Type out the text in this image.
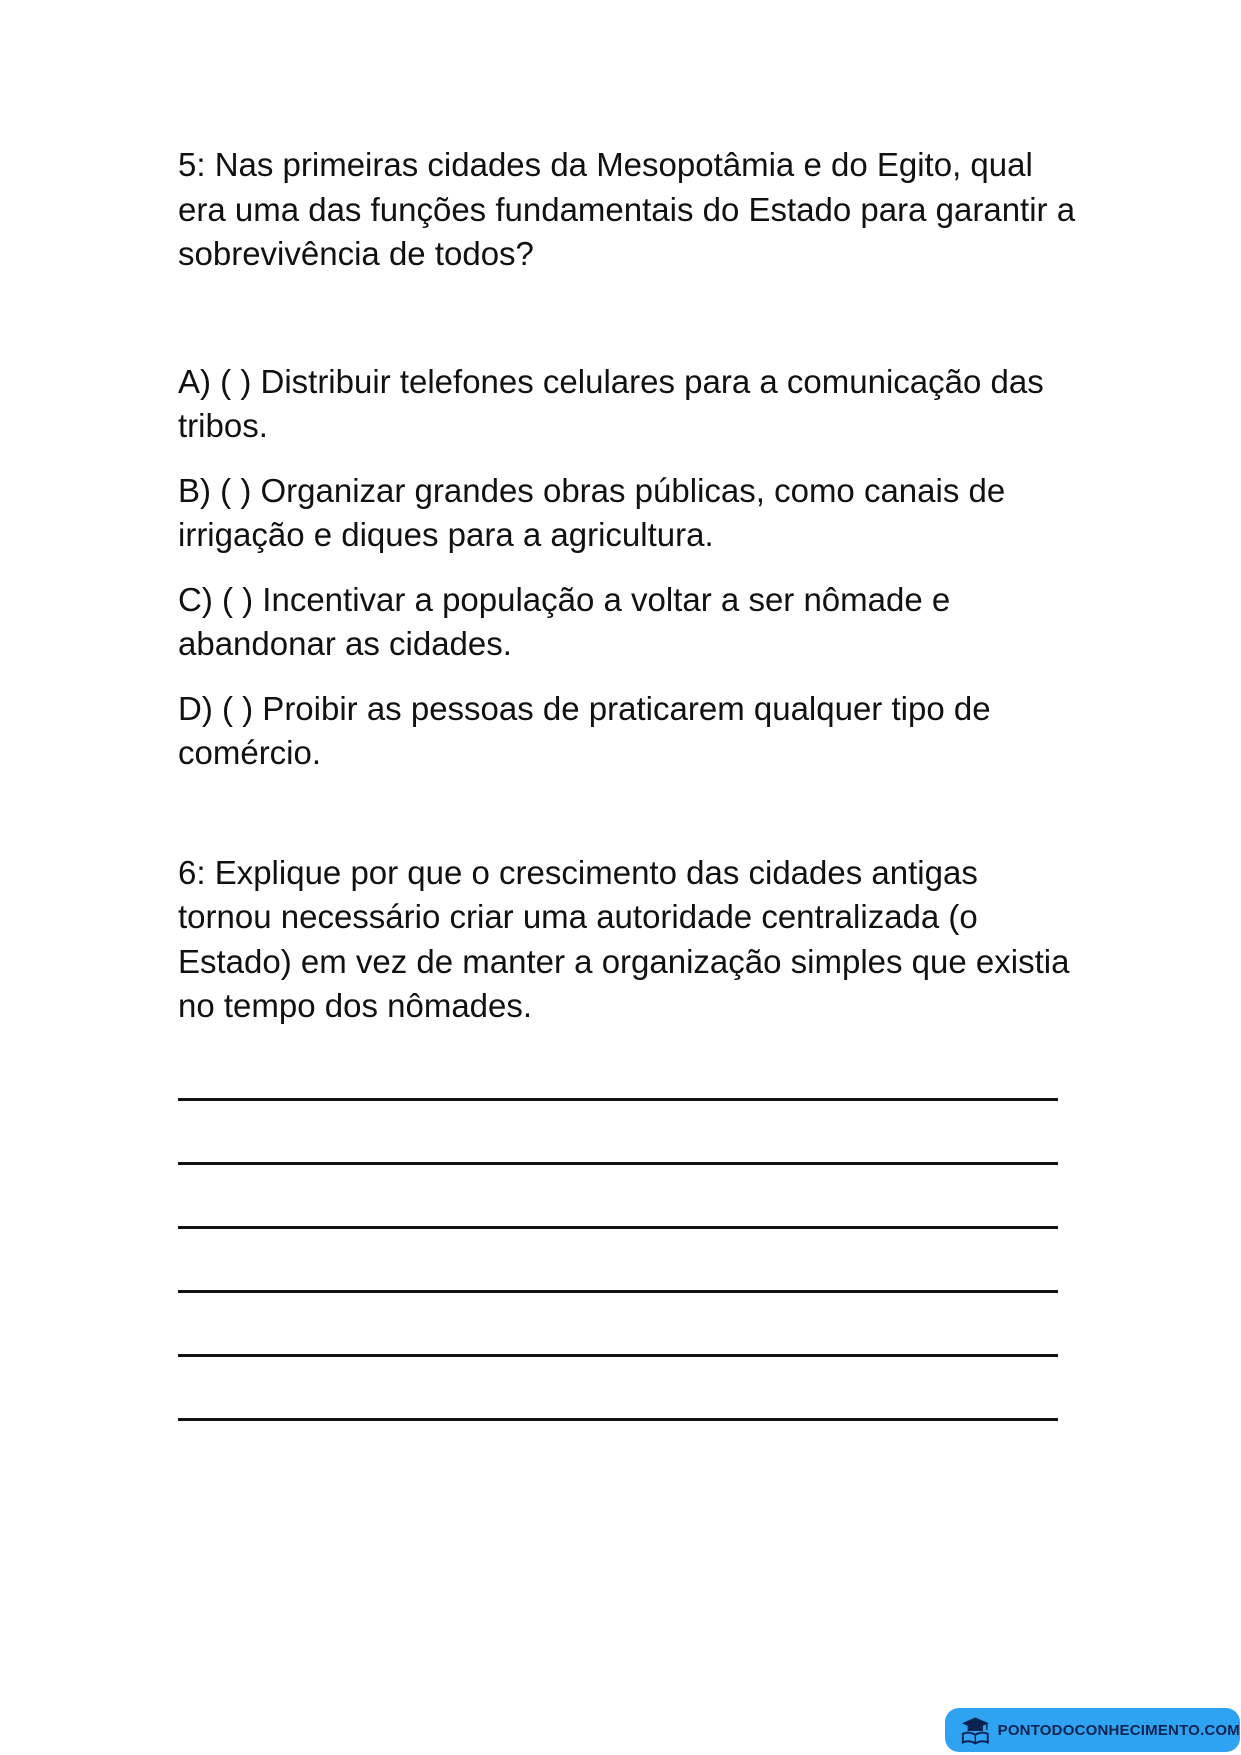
5: Nas primeiras cidades da Mesopotâmia e do Egito, qual era uma das funções fundamentais do Estado para garantir a sobrevivência de todos?

A) ( ) Distribuir telefones celulares para a comunicação das tribos.

B) ( ) Organizar grandes obras públicas, como canais de irrigação e diques para a agricultura.

C) ( ) Incentivar a população a voltar a ser nômade e abandonar as cidades.

D) ( ) Proibir as pessoas de praticarem qualquer tipo de comércio.

6: Explique por que o crescimento das cidades antigas tornou necessário criar uma autoridade centralizada (o Estado) em vez de manter a organização simples que existia no tempo dos nômades.

PONTODOCONHECIMENTO.COM
